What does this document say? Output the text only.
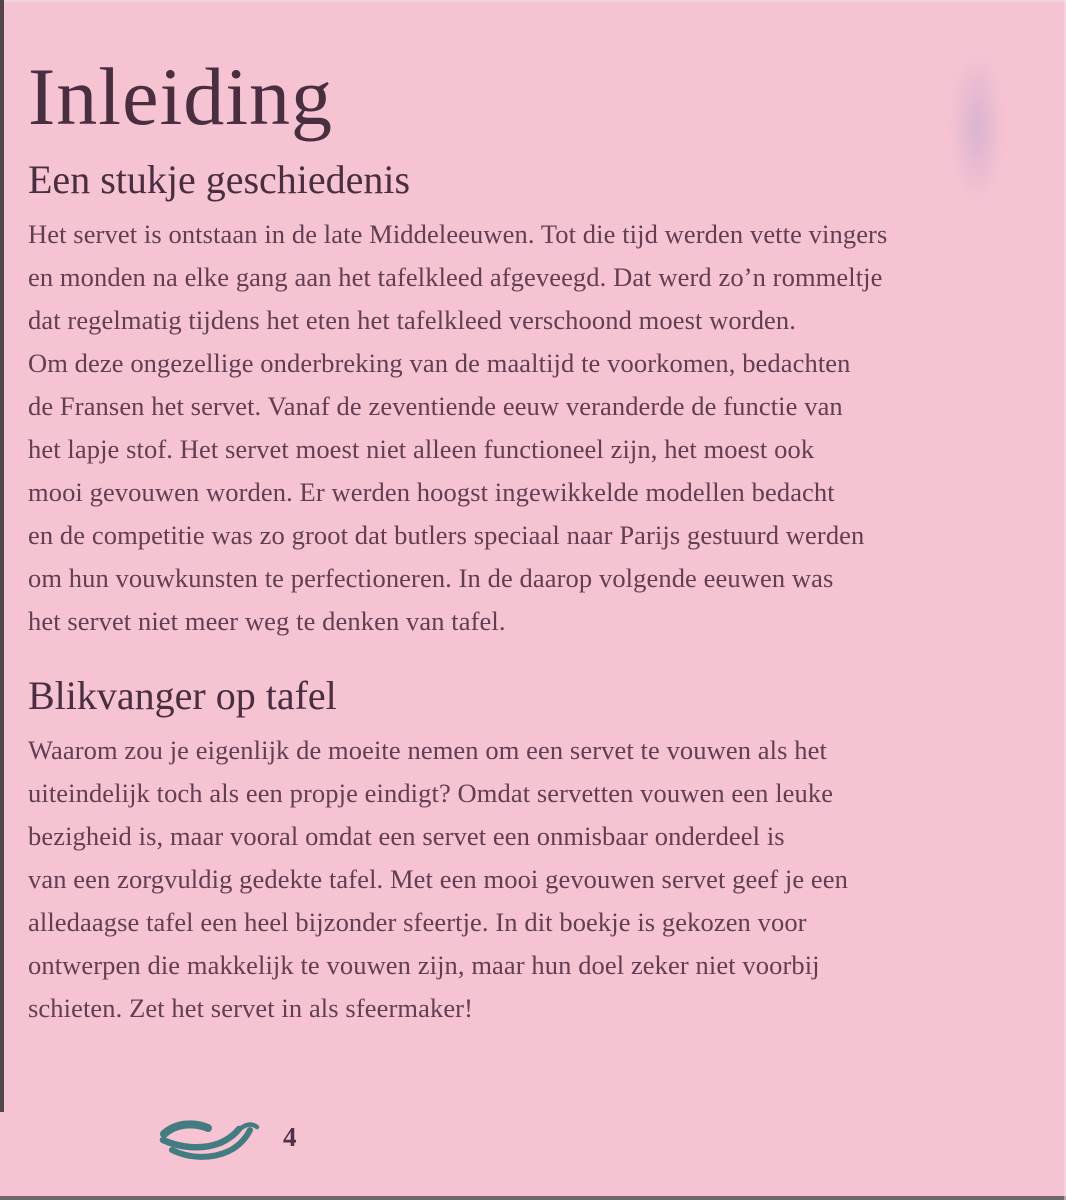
Inleiding
Een stukje geschiedenis
Het servet is ontstaan in de late Middeleeuwen. Tot die tijd werden vette vingers
en monden na elke gang aan het tafelkleed afgeveegd. Dat werd zo’n rommeltje
dat regelmatig tijdens het eten het tafelkleed verschoond moest worden.
Om deze ongezellige onderbreking van de maaltijd te voorkomen, bedachten
de Fransen het servet. Vanaf de zeventiende eeuw veranderde de functie van
het lapje stof. Het servet moest niet alleen functioneel zijn, het moest ook
mooi gevouwen worden. Er werden hoogst ingewikkelde modellen bedacht
en de competitie was zo groot dat butlers speciaal naar Parijs gestuurd werden
om hun vouwkunsten te perfectioneren. In de daarop volgende eeuwen was
het servet niet meer weg te denken van tafel.
Blikvanger op tafel
Waarom zou je eigenlijk de moeite nemen om een servet te vouwen als het
uiteindelijk toch als een propje eindigt? Omdat servetten vouwen een leuke
bezigheid is, maar vooral omdat een servet een onmisbaar onderdeel is
van een zorgvuldig gedekte tafel. Met een mooi gevouwen servet geef je een
alledaagse tafel een heel bijzonder sfeertje. In dit boekje is gekozen voor
ontwerpen die makkelijk te vouwen zijn, maar hun doel zeker niet voorbij
schieten. Zet het servet in als sfeermaker!
4
